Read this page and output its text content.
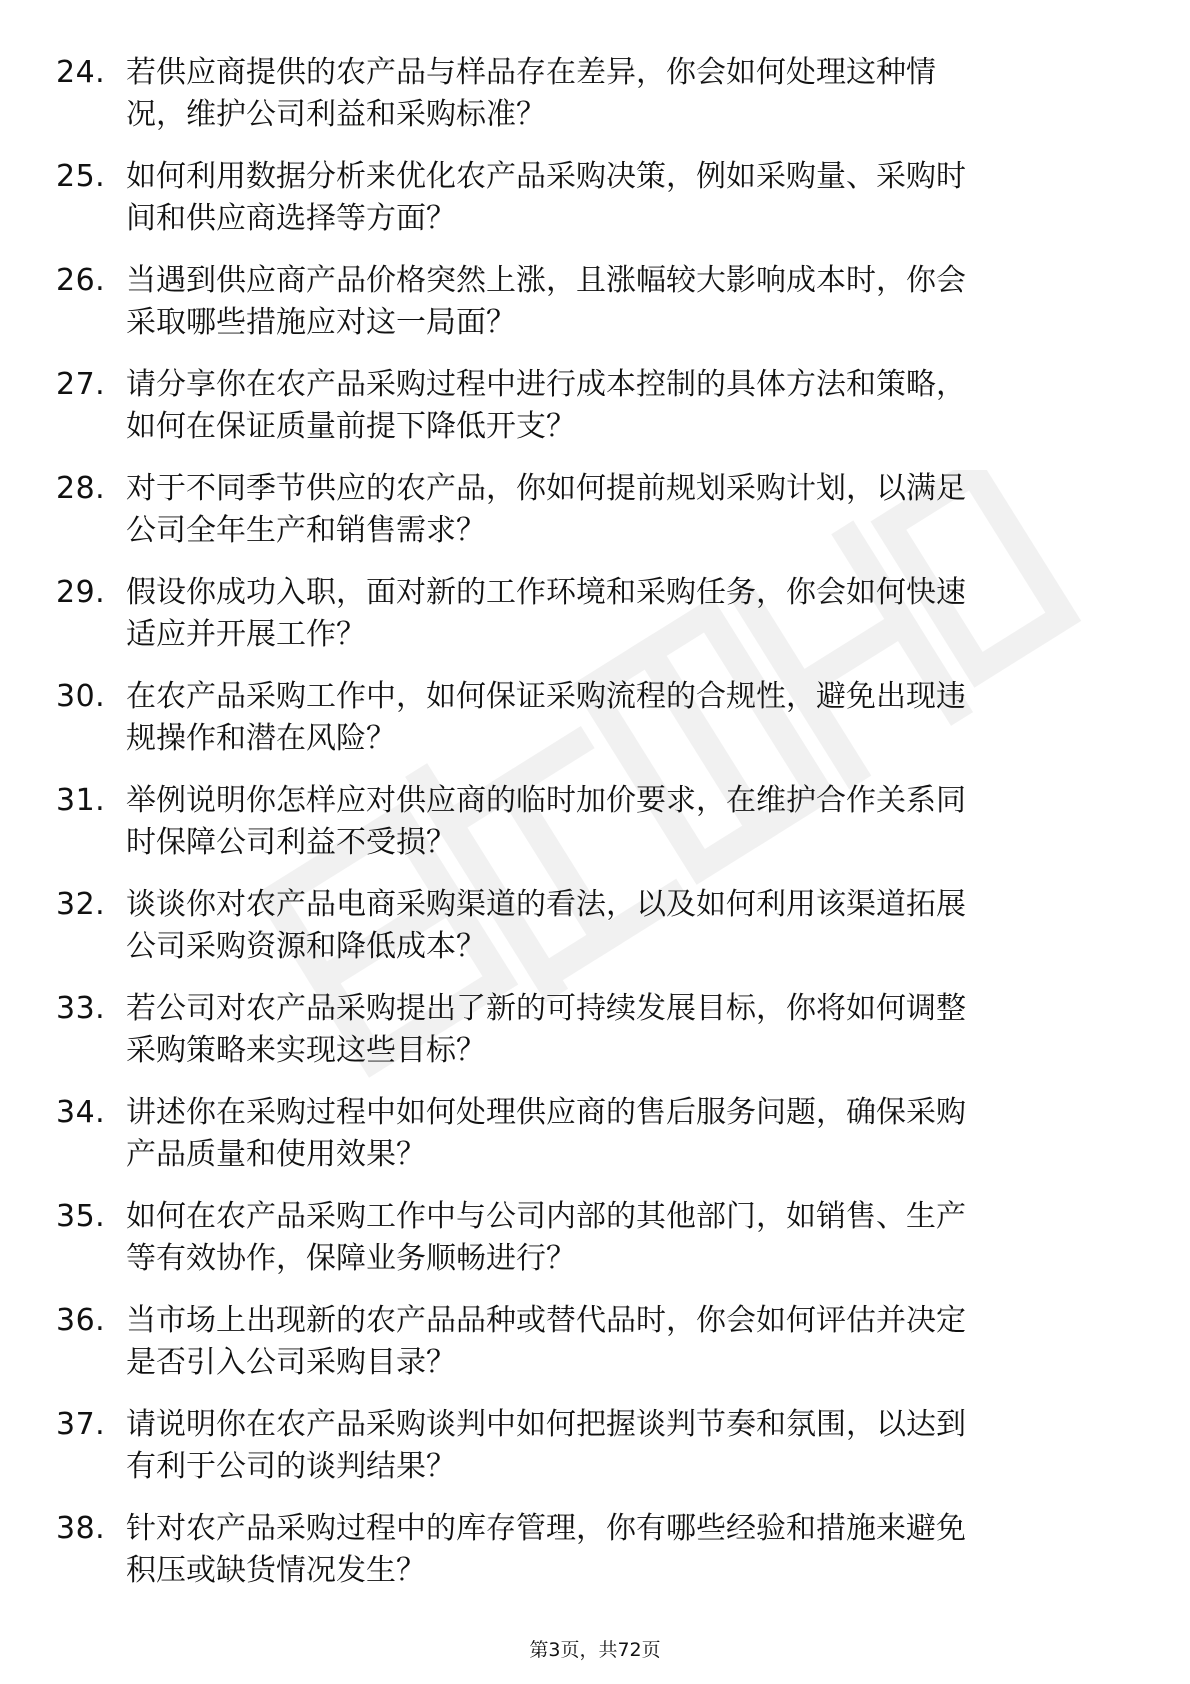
24. 若供应商提供的农产品与样品存在差异，你会如何处理这种情
况，维护公司利益和采购标准？
25. 如何利用数据分析来优化农产品采购决策，例如采购量、采购时
间和供应商选择等方面？
26. 当遇到供应商产品价格突然上涨，且涨幅较大影响成本时，你会
采取哪些措施应对这一局面？
27. 请分享你在农产品采购过程中进行成本控制的具体方法和策略，
如何在保证质量前提下降低开支？
28. 对于不同季节供应的农产品，你如何提前规划采购计划，以满足
公司全年生产和销售需求？
29. 假设你成功入职，面对新的工作环境和采购任务，你会如何快速
适应并开展工作？
30. 在农产品采购工作中，如何保证采购流程的合规性，避免出现违
规操作和潜在风险？
31. 举例说明你怎样应对供应商的临时加价要求，在维护合作关系同
时保障公司利益不受损？
32. 谈谈你对农产品电商采购渠道的看法，以及如何利用该渠道拓展
公司采购资源和降低成本？
33. 若公司对农产品采购提出了新的可持续发展目标，你将如何调整
采购策略来实现这些目标？
34. 讲述你在采购过程中如何处理供应商的售后服务问题，确保采购
产品质量和使用效果？
35. 如何在农产品采购工作中与公司内部的其他部门，如销售、生产
等有效协作，保障业务顺畅进行？
36. 当市场上出现新的农产品品种或替代品时，你会如何评估并决定
是否引入公司采购目录？
37. 请说明你在农产品采购谈判中如何把握谈判节奏和氛围，以达到
有利于公司的谈判结果？
38. 针对农产品采购过程中的库存管理，你有哪些经验和措施来避免
积压或缺货情况发生？
第3页，共72页
